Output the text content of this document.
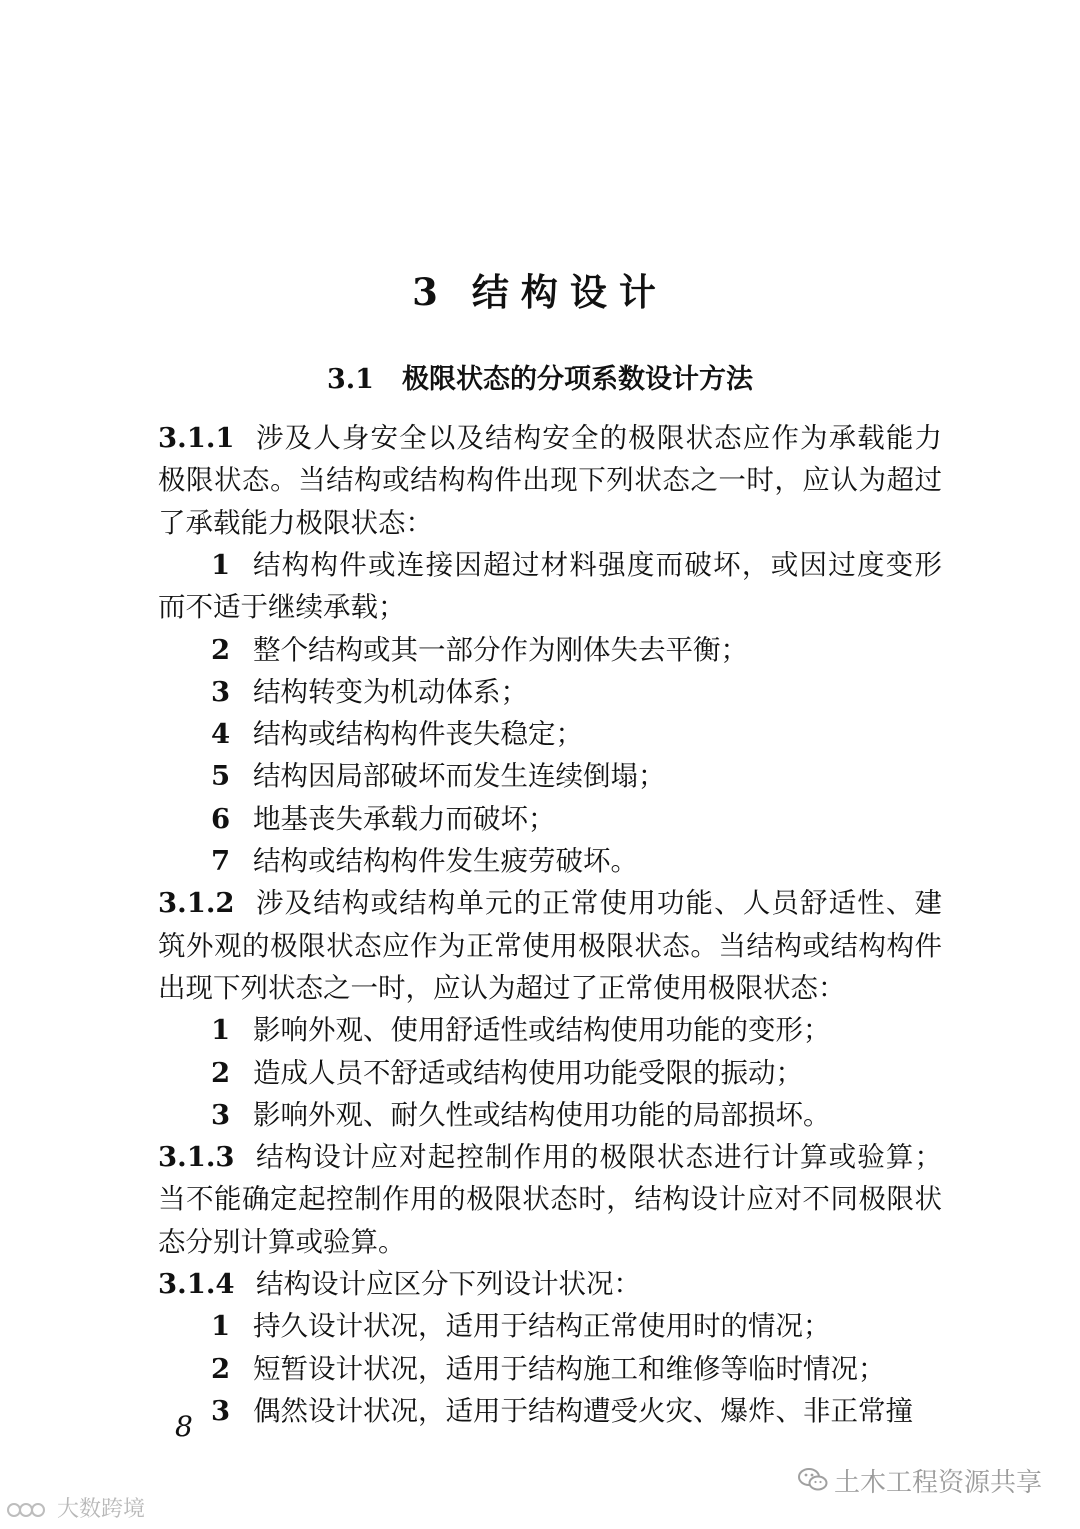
3 结构设计
3.1 极限状态的分项系数设计方法
3.1.1 涉及人身安全以及结构安全的极限状态应作为承载能力
极限状态。当结构或结构构件出现下列状态之一时，应认为超过
了承载能力极限状态：
1 结构构件或连接因超过材料强度而破坏，或因过度变形
而不适于继续承载；
2 整个结构或其一部分作为刚体失去平衡；
3 结构转变为机动体系；
4 结构或结构构件丧失稳定；
5 结构因局部破坏而发生连续倒塌；
6 地基丧失承载力而破坏；
7 结构或结构构件发生疲劳破坏。
3.1.2 涉及结构或结构单元的正常使用功能、人员舒适性、建
筑外观的极限状态应作为正常使用极限状态。当结构或结构构件
出现下列状态之一时，应认为超过了正常使用极限状态：
1 影响外观、使用舒适性或结构使用功能的变形；
2 造成人员不舒适或结构使用功能受限的振动；
3 影响外观、耐久性或结构使用功能的局部损坏。
3.1.3 结构设计应对起控制作用的极限状态进行计算或验算；
当不能确定起控制作用的极限状态时，结构设计应对不同极限状
态分别计算或验算。
3.1.4 结构设计应区分下列设计状况：
1 持久设计状况，适用于结构正常使用时的情况；
2 短暂设计状况，适用于结构施工和维修等临时情况；
3 偶然设计状况，适用于结构遭受火灾、爆炸、非正常撞
8
土木工程资源共享
大数跨境
